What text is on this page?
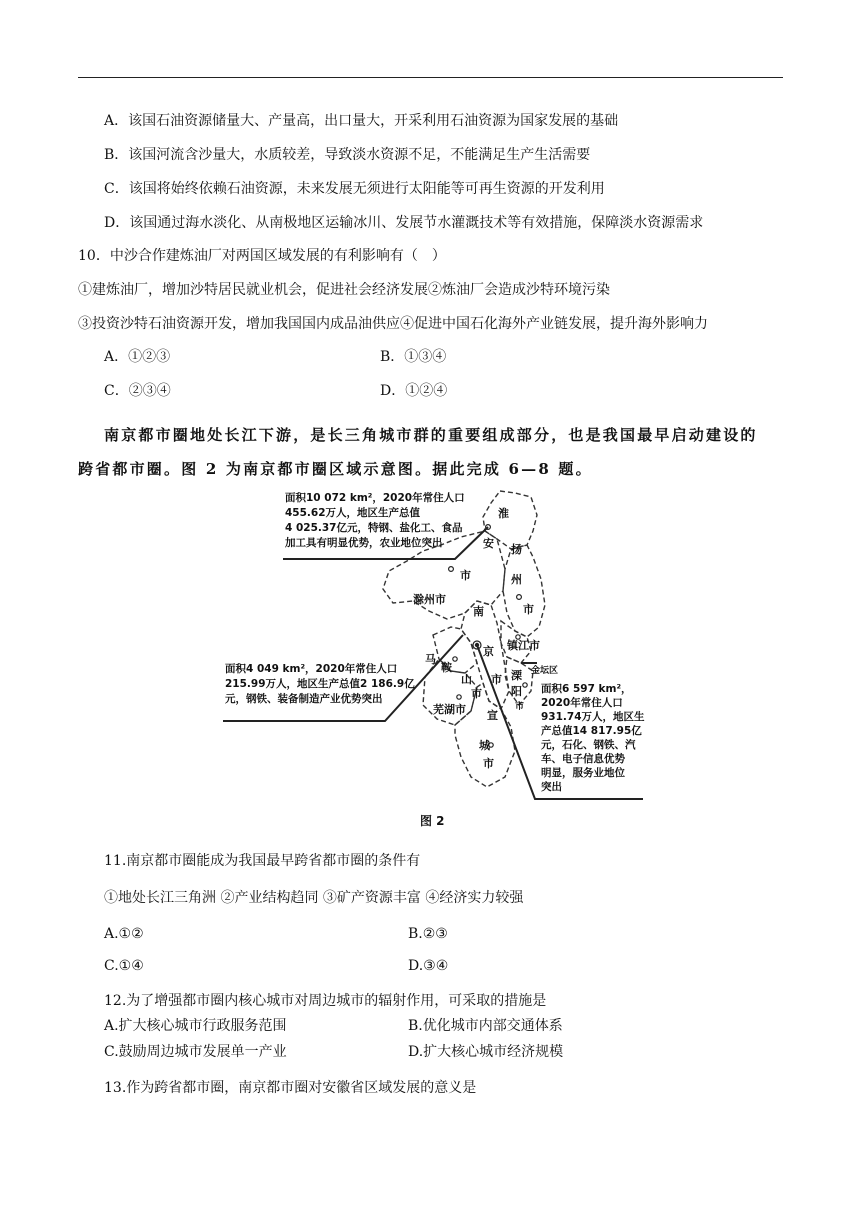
A．该国石油资源储量大、产量高，出口量大，开采利用石油资源为国家发展的基础
B．该国河流含沙量大，水质较差，导致淡水资源不足，不能满足生产生活需要
C．该国将始终依赖石油资源，未来发展无须进行太阳能等可再生资源的开发利用
D．该国通过海水淡化、从南极地区运输冰川、发展节水灌溉技术等有效措施，保障淡水资源需求
10．中沙合作建炼油厂对两国区域发展的有利影响有（　）
①建炼油厂，增加沙特居民就业机会，促进社会经济发展②炼油厂会造成沙特环境污染
③投资沙特石油资源开发，增加我国国内成品油供应④促进中国石化海外产业链发展，提升海外影响力
A．①②③	B．①③④
C．②③④	D．①②④
南京都市圈地处长江下游，是长三角城市群的重要组成部分，也是我国最早启动建设的
跨省都市圈。图 2 为南京都市圈区域示意图。据此完成 6—8 题。
面积10 072 km²，2020年常住人口
455.62万人，地区生产总值
4 025.37亿元，特钢、盐化工、食品
加工具有明显优势，农业地位突出
面积4 049 km²，2020年常住人口
215.99万人，地区生产总值2 186.9亿
元，钢铁、装备制造产业优势突出
面积6 597 km²，
2020年常住人口
931.74万人，地区生
产总值14 817.95亿
元，石化、钢铁、汽
车、电子信息优势
明显，服务业地位
突出
淮
安
市
扬
州
市
滁州市
南
京
市
镇江市
溧
阳
马
鞍
山
市
芜湖市 宣
城
市
金坛区
市
图 2
11.南京都市圈能成为我国最早跨省都市圈的条件有
①地处长江三角洲 ②产业结构趋同 ③矿产资源丰富 ④经济实力较强
A.①②	B.②③
C.①④	D.③④
12.为了增强都市圈内核心城市对周边城市的辐射作用，可采取的措施是
A.扩大核心城市行政服务范围	B.优化城市内部交通体系
C.鼓励周边城市发展单一产业	D.扩大核心城市经济规模
13.作为跨省都市圈，南京都市圈对安徽省区域发展的意义是
